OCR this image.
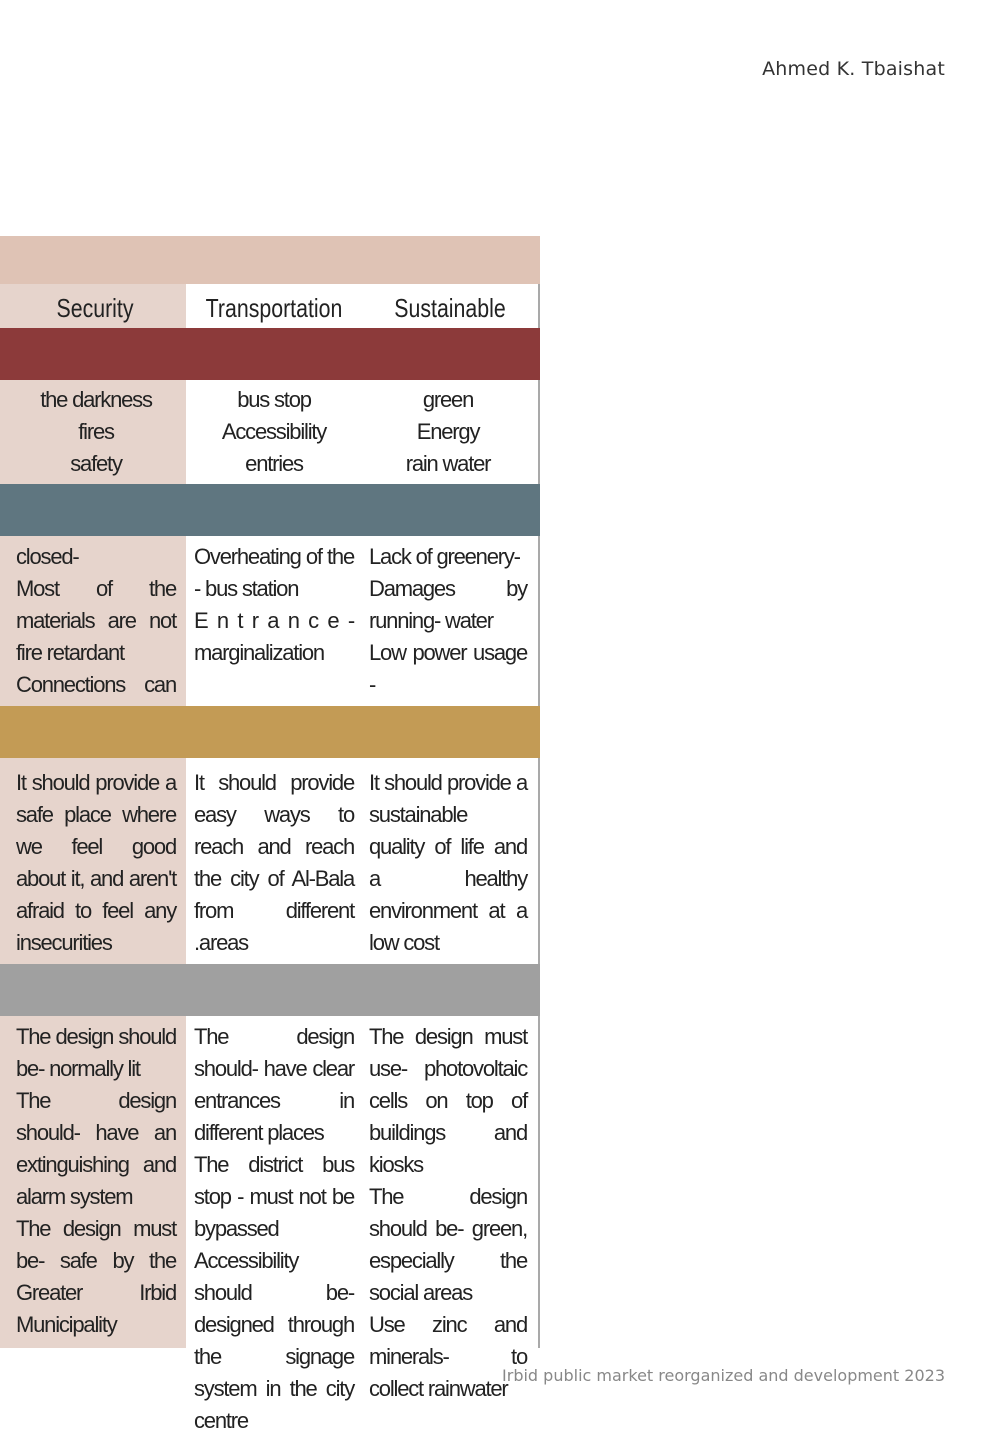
Ahmed K. Tbaishat
Security	Transportation	Sustainable

the darkness

fires

safety

bus stop

Accessibility

entries

green

Energy

rain water

closed-

Most of the materials are not fire retardant

Connections can

Overheating of the - bus station

E n t r a n c e - marginalization

Lack of greenery-

Damages by running- water

Low power usage -

It should provide a safe place where we feel good about it, and aren't afraid to feel any insecurities

It should provide easy ways to reach and reach the city of Al-Bala from different .areas

It should provide a sustainable quality of life and a healthy environment at a low cost

The design should be- normally lit

The design should- have an extinguishing and alarm system

The design must be- safe by the Greater Irbid Municipality

The design should- have clear entrances in different places

The district bus stop - must not be bypassed

Accessibility should be- designed through the signage system in the city centre

The design must use- photovoltaic cells on top of buildings and kiosks

The design should be- green, especially the social areas

Use zinc and minerals- to collect rainwater

Irbid public market reorganized and development 2023
